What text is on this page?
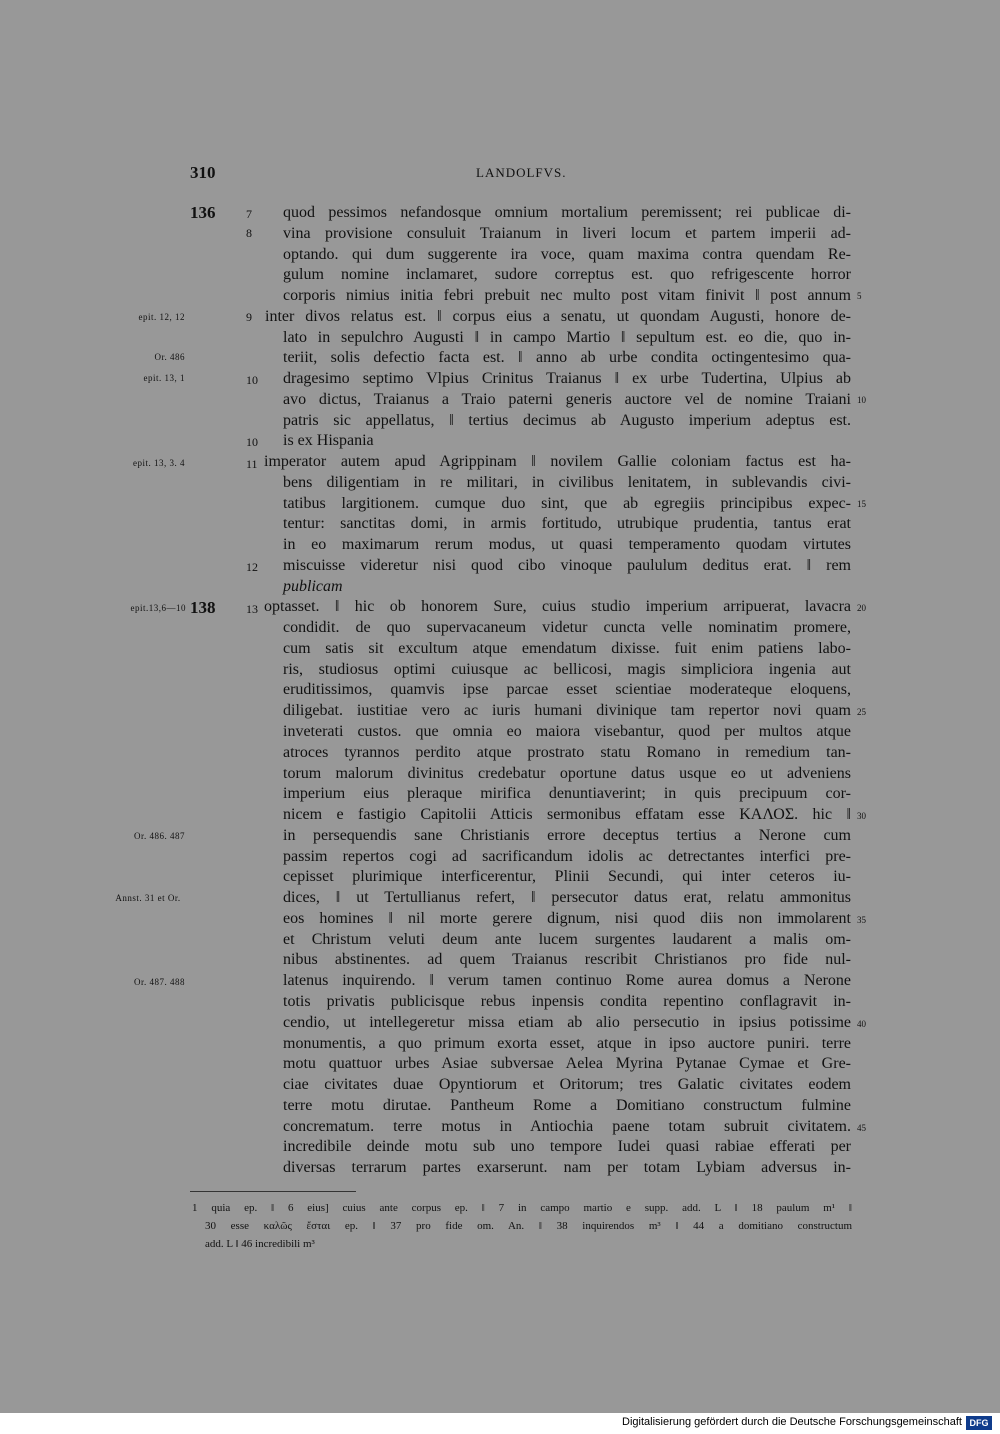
310	LANDOLFVS.
136
138
7
8
9
10
10
11
12
13
epit. 12, 12
Or. 486
epit. 13, 1
epit. 13, 3. 4
epit.13,6—10
Or. 486. 487
Annst. 31 et Or.
Or. 487. 488
5
10
15
20
25
30
35
40
45
quod pessimos nefandosque omnium mortalium peremissent; rei publicae di-
vina provisione consuluit Traianum in liveri locum et partem imperii ad-
optando. qui dum suggerente ira voce, quam maxima contra quendam Re-
gulum nomine inclamaret, sudore correptus est. quo refrigescente horror
corporis nimius initia febri prebuit nec multo post vitam finivit ‖ post annum
inter divos relatus est. ‖ corpus eius a senatu, ut quondam Augusti, honore de-
lato in sepulchro Augusti ‖ in campo Martio ‖ sepultum est. eo die, quo in-
teriit, solis defectio facta est. ‖ anno ab urbe condita octingentesimo qua-
dragesimo septimo Vlpius Crinitus Traianus ‖ ex urbe Tudertina, Ulpius ab
avo dictus, Traianus a Traio paterni generis auctore vel de nomine Traiani
patris sic appellatus, ‖ tertius decimus ab Augusto imperium adeptus est.
is ex Hispania
imperator autem apud Agrippinam ‖ novilem Gallie coloniam factus est ha-
bens diligentiam in re militari, in civilibus lenitatem, in sublevandis civi-
tatibus largitionem. cumque duo sint, que ab egregiis principibus expec-
tentur: sanctitas domi, in armis fortitudo, utrubique prudentia, tantus erat
in eo maximarum rerum modus, ut quasi temperamento quodam virtutes
miscuisse videretur nisi quod cibo vinoque paululum deditus erat. ‖ rem
publicam
optasset. ‖ hic ob honorem Sure, cuius studio imperium arripuerat, lavacra
condidit. de quo supervacaneum videtur cuncta velle nominatim promere,
cum satis sit excultum atque emendatum dixisse. fuit enim patiens labo-
ris, studiosus optimi cuiusque ac bellicosi, magis simpliciora ingenia aut
eruditissimos, quamvis ipse parcae esset scientiae moderateque eloquens,
diligebat. iustitiae vero ac iuris humani divinique tam repertor novi quam
inveterati custos. que omnia eo maiora visebantur, quod per multos atque
atroces tyrannos perdito atque prostrato statu Romano in remedium tan-
torum malorum divinitus credebatur oportune datus usque eo ut adveniens
imperium eius pleraque mirifica denuntiaverint; in quis precipuum cor-
nicem e fastigio Capitolii Atticis sermonibus effatam esse ΚΑΛΟΣ. hic ‖
in persequendis sane Christianis errore deceptus tertius a Nerone cum
passim repertos cogi ad sacrificandum idolis ac detrectantes interfici pre-
cepisset plurimique interficerentur, Plinii Secundi, qui inter ceteros iu-
dices, ‖ ut Tertullianus refert, ‖ persecutor datus erat, relatu ammonitus
eos homines ‖ nil morte gerere dignum, nisi quod diis non immolarent
et Christum veluti deum ante lucem surgentes laudarent a malis om-
nibus abstinentes. ad quem Traianus rescribit Christianos pro fide nul-
latenus inquirendo. ‖ verum tamen continuo Rome aurea domus a Nerone
totis privatis publicisque rebus inpensis condita repentino conflagravit in-
cendio, ut intellegeretur missa etiam ab alio persecutio in ipsius potissime
monumentis, a quo primum exorta esset, atque in ipso auctore puniri. terre
motu quattuor urbes Asiae subversae Aelea Myrina Pytanae Cymae et Gre-
ciae civitates duae Opyntiorum et Oritorum; tres Galatic civitates eodem
terre motu dirutae. Pantheum Rome a Domitiano constructum fulmine
concrematum. terre motus in Antiochia paene totam subruit civitatem.
incredibile deinde motu sub uno tempore Iudei quasi rabiae efferati per
diversas terrarum partes exarserunt. nam per totam Lybiam adversus in-
1 quia ep. ‖ 6 eius] cuius ante corpus ep. ‖ 7 in campo martio e supp. add. L ‖ 18 paulum m¹ ‖
30 esse καλῶς ἔσται ep. ‖ 37 pro fide om. An. ‖ 38 inquirendos m³ ‖ 44 a domitiano constructum
add. L ‖ 46 incredibili m³
Digitalisierung gefördert durch die Deutsche Forschungsgemeinschaft DFG
